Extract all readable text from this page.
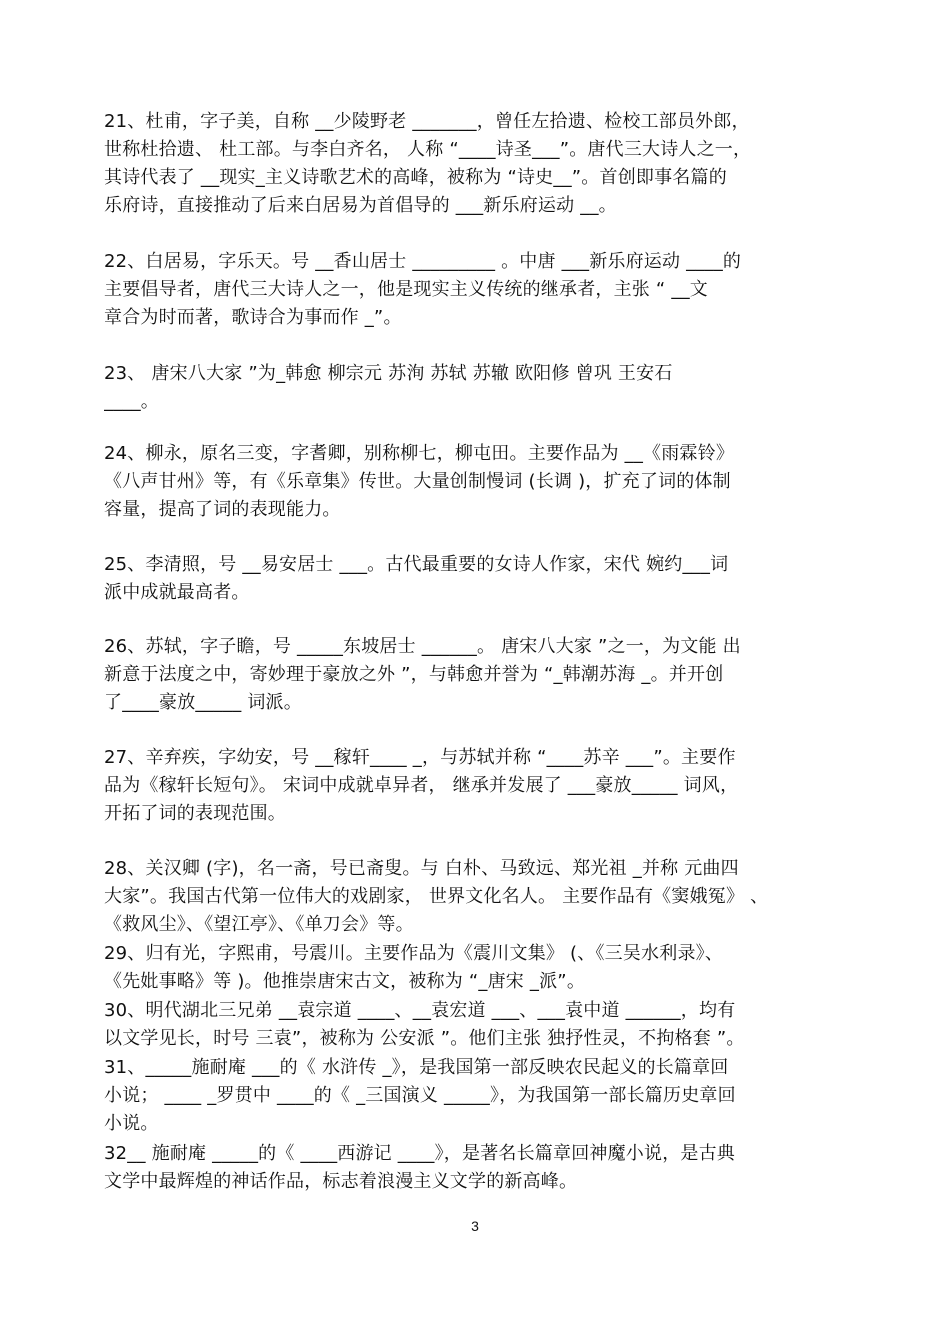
21、杜甫，字子美，自称 __少陵野老 _______，曾任左拾遗、检校工部员外郎，
世称杜拾遗、 杜工部。与李白齐名， 人称 “____诗圣___”。唐代三大诗人之一，
其诗代表了 __现实_主义诗歌艺术的高峰，被称为 “诗史__”。首创即事名篇的
乐府诗，直接推动了后来白居易为首倡导的 ___新乐府运动 __。
22、白居易，字乐天。号 __香山居士 _________ 。中唐 ___新乐府运动 ____的
主要倡导者，唐代三大诗人之一，他是现实主义传统的继承者，主张 “ __文
章合为时而著，歌诗合为事而作 _”。
23、 唐宋八大家 ”为_韩愈 柳宗元 苏洵 苏轼 苏辙 欧阳修 曾巩 王安石
____。
24、柳永，原名三变，字耆卿，别称柳七，柳屯田。主要作品为 __《雨霖铃》
《八声甘州》等，有《乐章集》传世。大量创制慢词 (长调 )，扩充了词的体制
容量，提高了词的表现能力。
25、李清照，号 __易安居士 ___。古代最重要的女诗人作家，宋代 婉约___词
派中成就最高者。
26、苏轼，字子瞻，号 _____东坡居士 ______。 唐宋八大家 ”之一，为文能 出
新意于法度之中，寄妙理于豪放之外 ”，与韩愈并誉为 “_韩潮苏海 _。并开创
了____豪放_____ 词派。
27、辛弃疾，字幼安，号 __稼轩____ _，与苏轼并称 “____苏辛 ___”。主要作
品为《稼轩长短句》。 宋词中成就卓异者， 继承并发展了 ___豪放_____ 词风，
开拓了词的表现范围。
28、关汉卿 (字)，名一斋，号已斋叟。与 白朴、马致远、郑光祖 _并称 元曲四
大家”。我国古代第一位伟大的戏剧家， 世界文化名人。 主要作品有《窦娥冤》 、
《救风尘》、《望江亭》、《单刀会》等。
29、归有光，字熙甫，号震川。主要作品为《震川文集》 (、《三吴水利录》、
《先妣事略》等 )。他推崇唐宋古文，被称为 “_唐宋 _派”。
30、明代湖北三兄弟 __袁宗道 ____、__袁宏道 ___、___袁中道 ______，均有
以文学见长，时号 三袁”，被称为 公安派 ”。他们主张 独抒性灵，不拘格套 ”。
31、_____施耐庵 ___的《 水浒传 _》，是我国第一部反映农民起义的长篇章回
小说； ____ _罗贯中 ____的《 _三国演义 _____》，为我国第一部长篇历史章回
小说。
32__ 施耐庵 _____的《 ____西游记 ____》，是著名长篇章回神魔小说，是古典
文学中最辉煌的神话作品，标志着浪漫主义文学的新高峰。
3
